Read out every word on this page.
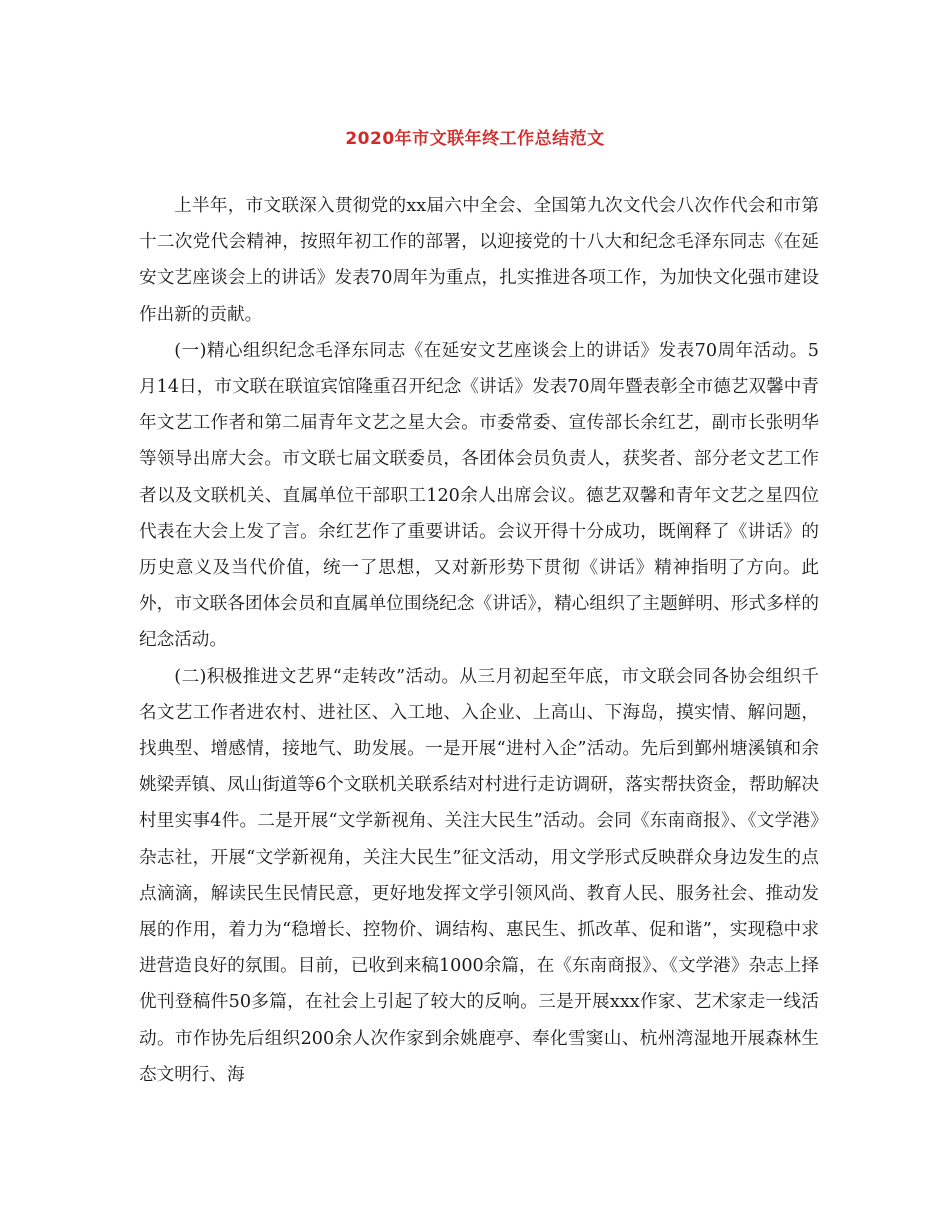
2020年市文联年终工作总结范文

上半年，市文联深入贯彻党的xx届六中全会、全国第九次文代会八次作代会和市第十二次党代会精神，按照年初工作的部署，以迎接党的十八大和纪念毛泽东同志《在延安文艺座谈会上的讲话》发表70周年为重点，扎实推进各项工作，为加快文化强市建设作出新的贡献。

(一)精心组织纪念毛泽东同志《在延安文艺座谈会上的讲话》发表70周年活动。5月14日，市文联在联谊宾馆隆重召开纪念《讲话》发表70周年暨表彰全市德艺双馨中青年文艺工作者和第二届青年文艺之星大会。市委常委、宣传部长余红艺，副市长张明华等领导出席大会。市文联七届文联委员，各团体会员负责人，获奖者、部分老文艺工作者以及文联机关、直属单位干部职工120余人出席会议。德艺双馨和青年文艺之星四位代表在大会上发了言。余红艺作了重要讲话。会议开得十分成功，既阐释了《讲话》的历史意义及当代价值，统一了思想，又对新形势下贯彻《讲话》精神指明了方向。此外，市文联各团体会员和直属单位围绕纪念《讲话》，精心组织了主题鲜明、形式多样的纪念活动。

(二)积极推进文艺界“走转改”活动。从三月初起至年底，市文联会同各协会组织千名文艺工作者进农村、进社区、入工地、入企业、上高山、下海岛，摸实情、解问题，找典型、增感情，接地气、助发展。一是开展“进村入企”活动。先后到鄞州塘溪镇和余姚梁弄镇、凤山街道等6个文联机关联系结对村进行走访调研，落实帮扶资金，帮助解决村里实事4件。二是开展“文学新视角、关注大民生”活动。会同《东南商报》、《文学港》杂志社，开展“文学新视角，关注大民生”征文活动，用文学形式反映群众身边发生的点点滴滴，解读民生民情民意，更好地发挥文学引领风尚、教育人民、服务社会、推动发展的作用，着力为“稳增长、控物价、调结构、惠民生、抓改革、促和谐”，实现稳中求进营造良好的氛围。目前，已收到来稿1000余篇，在《东南商报》、《文学港》杂志上择优刊登稿件50多篇，在社会上引起了较大的反响。三是开展xxx作家、艺术家走一线活动。市作协先后组织200余人次作家到余姚鹿亭、奉化雪窦山、杭州湾湿地开展森林生态文明行、海
